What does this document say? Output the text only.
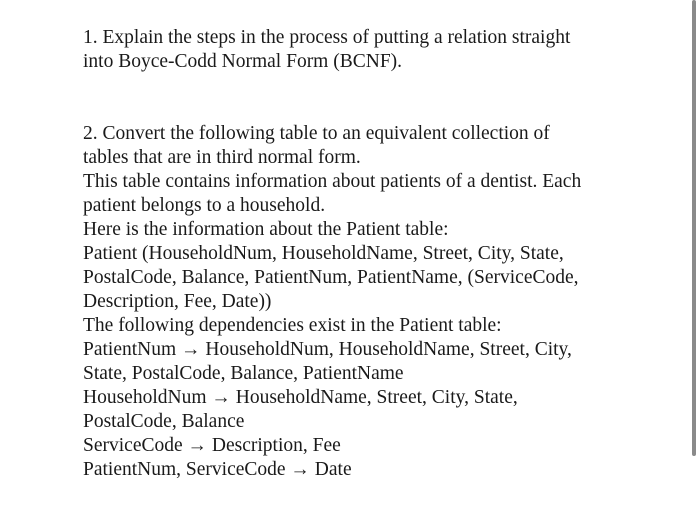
1. Explain the steps in the process of putting a relation straight
into Boyce-Codd Normal Form (BCNF).
2. Convert the following table to an equivalent collection of
tables that are in third normal form.
This table contains information about patients of a dentist. Each
patient belongs to a household.
Here is the information about the Patient table:
Patient (HouseholdNum, HouseholdName, Street, City, State,
PostalCode, Balance, PatientNum, PatientName, (ServiceCode,
Description, Fee, Date))
The following dependencies exist in the Patient table:
PatientNum → HouseholdNum, HouseholdName, Street, City,
State, PostalCode, Balance, PatientName
HouseholdNum → HouseholdName, Street, City, State,
PostalCode, Balance
ServiceCode → Description, Fee
PatientNum, ServiceCode → Date
